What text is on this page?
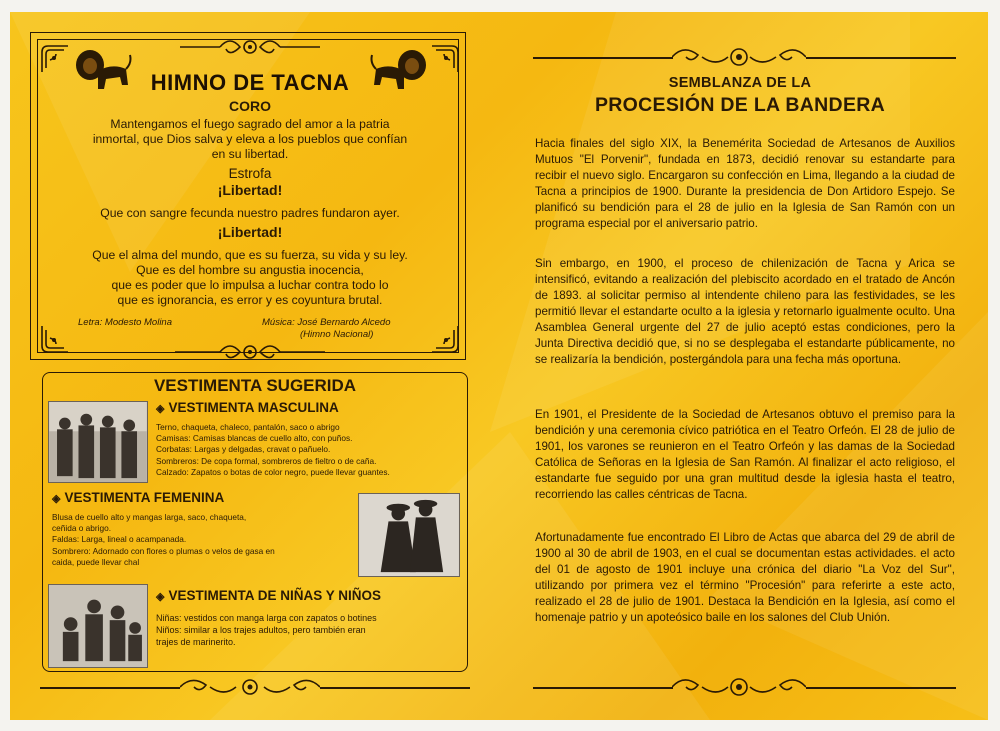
HIMNO DE TACNA
CORO
Mantengamos el fuego sagrado del amor a la patria
inmortal, que Dios salva y eleva a los pueblos que confían
en su libertad.
Estrofa
¡Libertad!
Que con sangre fecunda nuestro padres fundaron ayer.
¡Libertad!
Que el alma del mundo, que es su fuerza, su vida y su ley.
Que es del hombre su angustia inocencia,
que es poder que lo impulsa a luchar contra todo lo
que es ignorancia, es error y es coyuntura brutal.
Letra: Modesto Molina	Música: José Bernardo Alcedo
(Himno Nacional)
VESTIMENTA SUGERIDA
◈ VESTIMENTA MASCULINA
Terno, chaqueta, chaleco, pantalón, saco o abrigo
Camisas: Camisas blancas de cuello alto, con puños.
Corbatas: Largas y delgadas, cravat o pañuelo.
Sombreros: De copa formal, sombreros de fieltro o de caña.
Calzado: Zapatos o botas de color negro, puede llevar guantes.
◈ VESTIMENTA FEMENINA
Blusa de cuello alto y mangas larga, saco, chaqueta,
ceñida o abrigo.
Faldas: Larga, lineal o acampanada.
Sombrero: Adornado con flores o plumas o velos de gasa en
caida, puede llevar chal
◈ VESTIMENTA DE NIÑAS Y NIÑOS
Niñas: vestidos con manga larga con zapatos o botines
Niños: similar a los trajes adultos, pero también eran
trajes de marinerito.
SEMBLANZA DE LA
PROCESIÓN DE LA BANDERA
Hacia finales del siglo XIX, la Benemérita Sociedad de Artesanos de Auxilios Mutuos "El Porvenir", fundada en 1873, decidió renovar su estandarte para recibir el nuevo siglo. Encargaron su confección en Lima, llegando a la ciudad de Tacna a principios de 1900. Durante la presidencia de Don Artidoro Espejo. Se planificó su bendición para el 28 de julio en la Iglesia de San Ramón con un programa especial por el aniversario patrio.
Sin embargo, en 1900, el proceso de chilenización de Tacna y Arica se intensificó, evitando a realización del plebiscito acordado en el tratado de Ancón de 1893. al solicitar permiso al intendente chileno para las festividades, se les permitió llevar el estandarte oculto a la iglesia y retornarlo igualmente oculto. Una Asamblea General urgente del 27 de julio aceptó estas condiciones, pero la Junta Directiva decidió que, si no se desplegaba el estandarte públicamente, no se realizaría la bendición, postergándola para una fecha más oportuna.
En 1901, el Presidente de la Sociedad de Artesanos obtuvo el premiso para la bendición y una ceremonia cívico patriótica en el Teatro Orfeón. El 28 de julio de 1901, los varones se reunieron en el Teatro Orfeón y las damas de la Sociedad Católica de Señoras en la Iglesia de San Ramón. Al finalizar el acto religioso, el estandarte fue seguido por una gran multitud desde la iglesia hasta el teatro, recorriendo las calles céntricas de Tacna.
Afortunadamente fue encontrado El Libro de Actas que abarca del 29 de abril de 1900 al 30 de abril de 1903, en el cual se documentan estas actividades. el acto del 01 de agosto de 1901 incluye una crónica del diario "La Voz del Sur", utilizando por primera vez el término "Procesión" para referirte a este acto, realizado el 28 de julio de 1901. Destaca la Bendición en la Iglesia, así como el homenaje patrio y un apoteósico baile en los salones del Club Unión.
